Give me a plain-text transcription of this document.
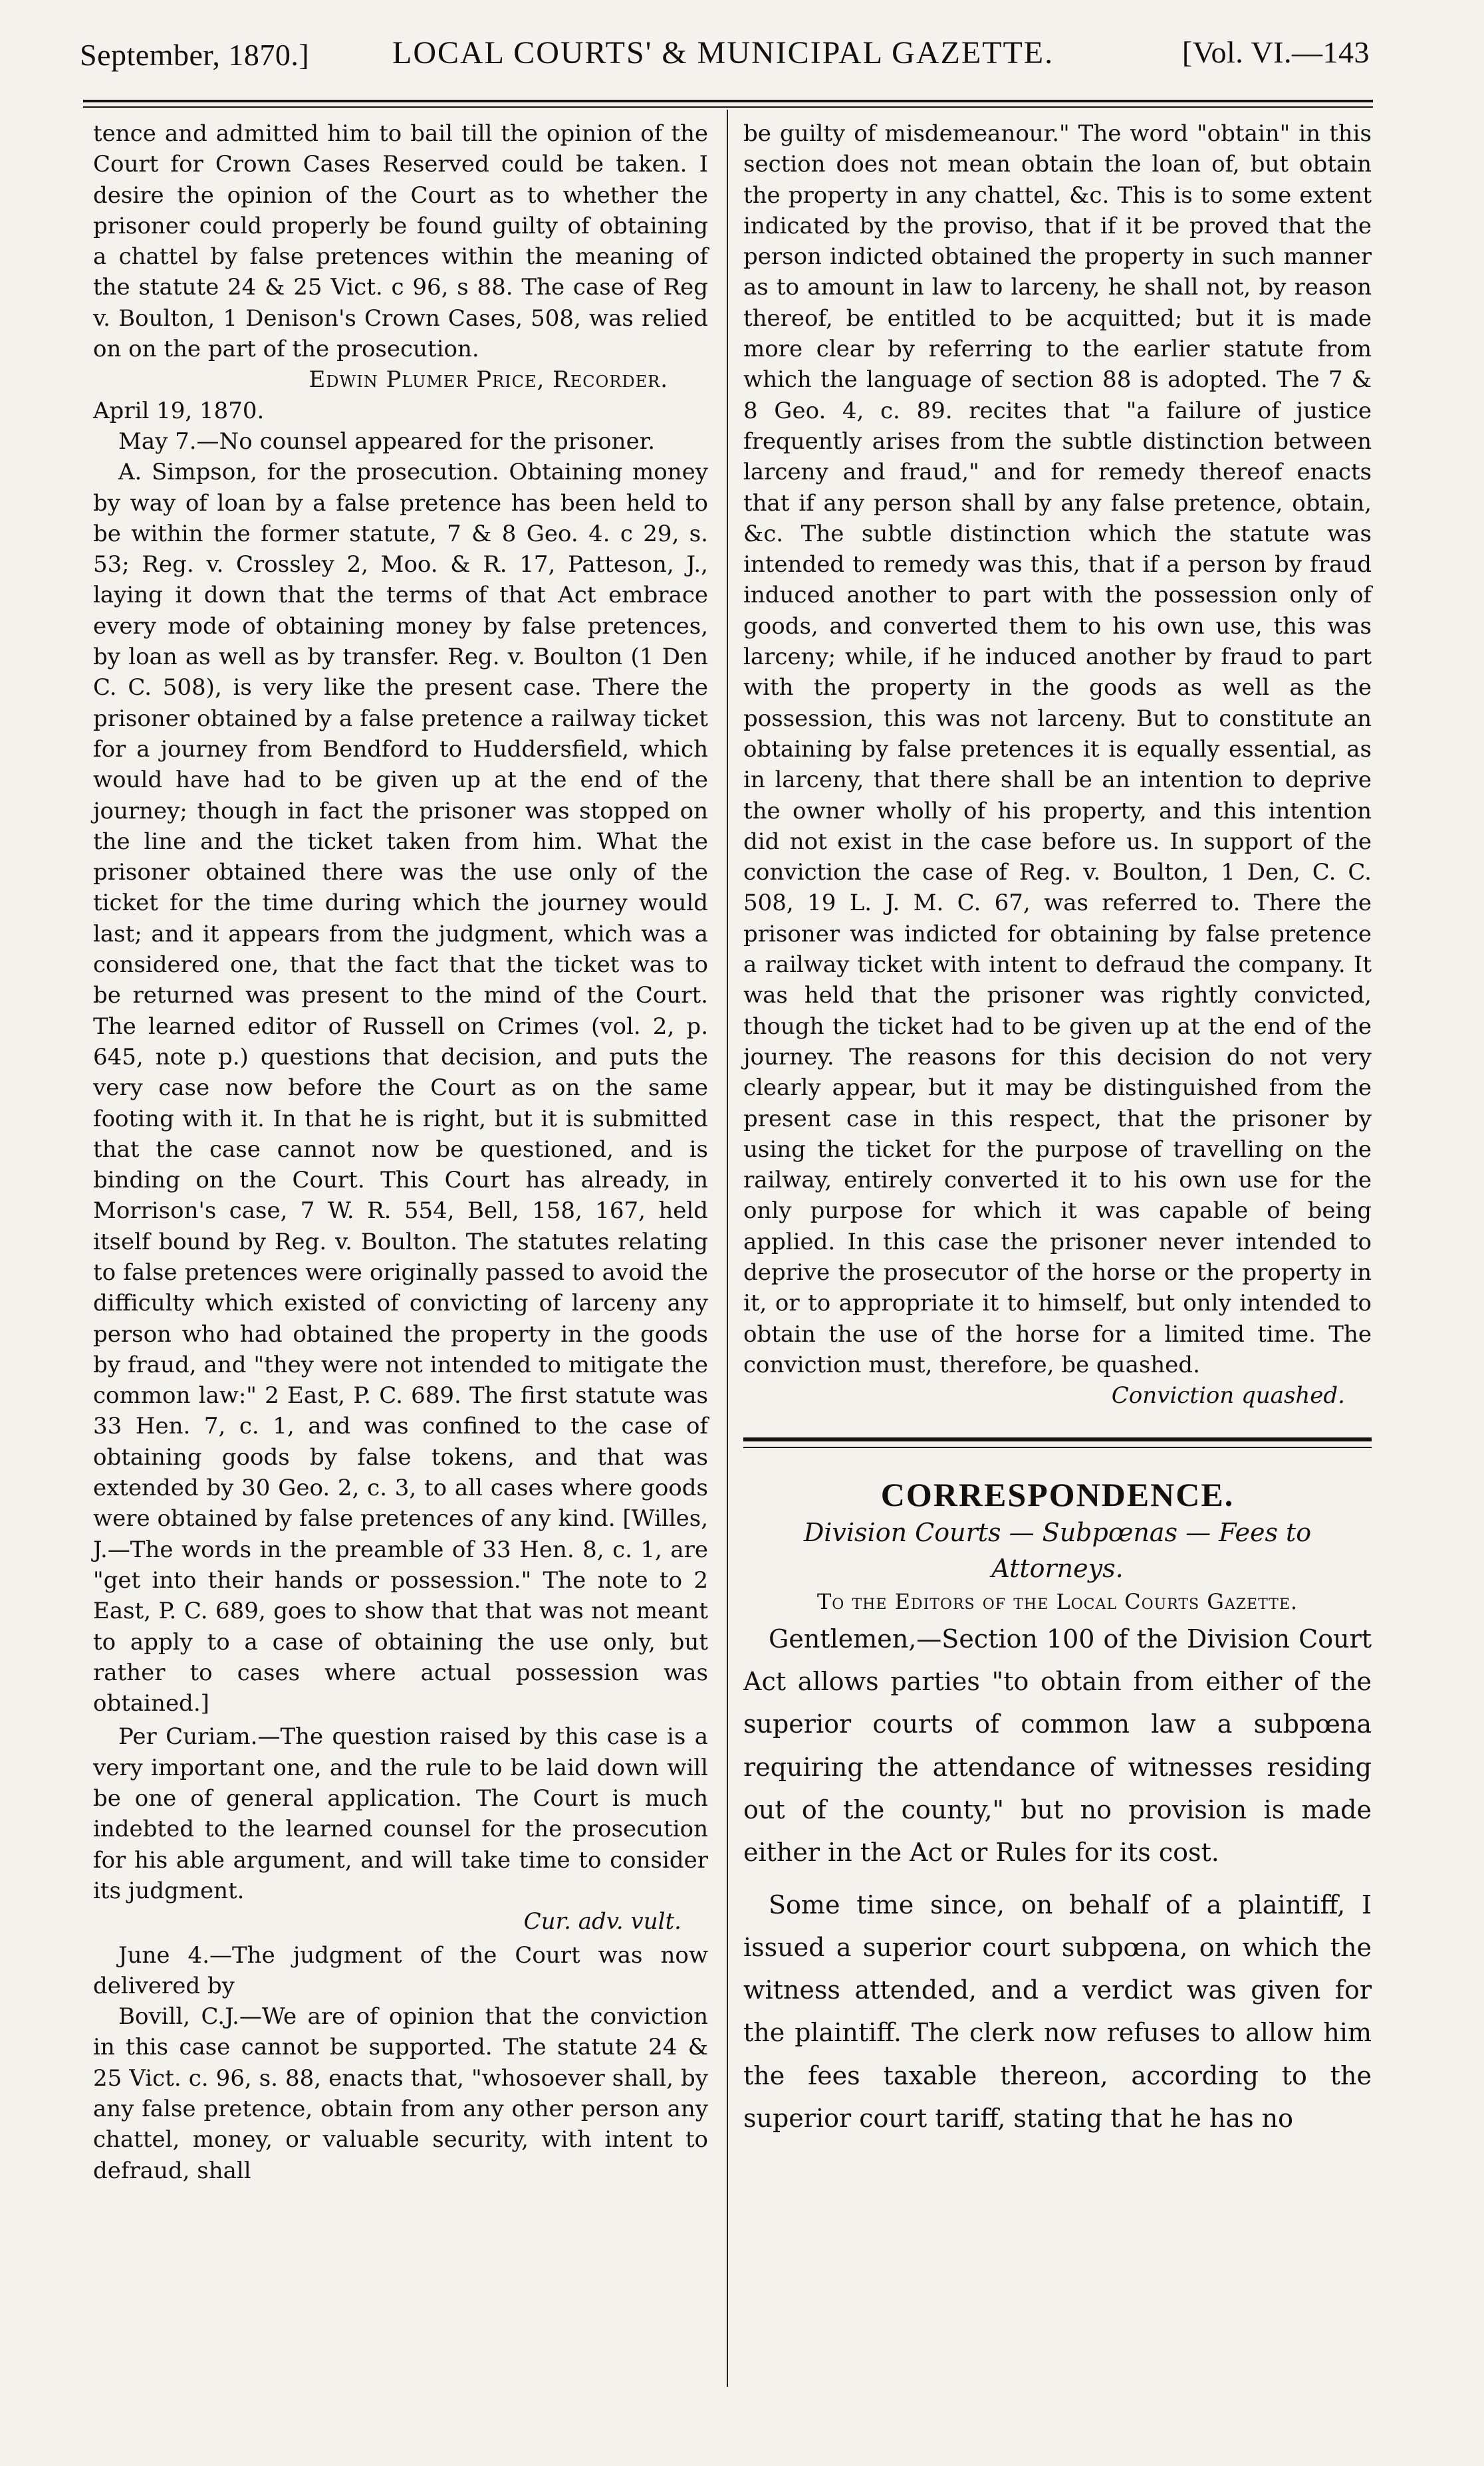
September, 1870.]	LOCAL COURTS' & MUNICIPAL GAZETTE.	[Vol. VI.—143

tence and admitted him to bail till the opinion of the Court for Crown Cases Reserved could be taken. I desire the opinion of the Court as to whether the prisoner could properly be found guilty of obtaining a chattel by false pretences within the meaning of the statute 24 & 25 Vict. c 96, s 88. The case of Reg v. Boulton, 1 Denison's Crown Cases, 508, was relied on on the part of the prosecution.

Edwin Plumer Price, Recorder.

April 19, 1870.

May 7.—No counsel appeared for the prisoner.

A. Simpson, for the prosecution. Obtaining money by way of loan by a false pretence has been held to be within the former statute, 7 & 8 Geo. 4. c 29, s. 53; Reg. v. Crossley 2, Moo. & R. 17, Patteson, J., laying it down that the terms of that Act embrace every mode of obtaining money by false pretences, by loan as well as by transfer. Reg. v. Boulton (1 Den C. C. 508), is very like the present case. There the prisoner obtained by a false pretence a railway ticket for a journey from Bendford to Huddersfield, which would have had to be given up at the end of the journey; though in fact the prisoner was stopped on the line and the ticket taken from him. What the prisoner obtained there was the use only of the ticket for the time during which the journey would last; and it appears from the judgment, which was a considered one, that the fact that the ticket was to be returned was present to the mind of the Court. The learned editor of Russell on Crimes (vol. 2, p. 645, note p.) questions that decision, and puts the very case now before the Court as on the same footing with it. In that he is right, but it is submitted that the case cannot now be questioned, and is binding on the Court. This Court has already, in Morrison's case, 7 W. R. 554, Bell, 158, 167, held itself bound by Reg. v. Boulton. The statutes relating to false pretences were originally passed to avoid the difficulty which existed of convicting of larceny any person who had obtained the property in the goods by fraud, and "they were not intended to mitigate the common law:" 2 East, P. C. 689. The first statute was 33 Hen. 7, c. 1, and was confined to the case of obtaining goods by false tokens, and that was extended by 30 Geo. 2, c. 3, to all cases where goods were obtained by false pretences of any kind. [Willes, J.—The words in the preamble of 33 Hen. 8, c. 1, are "get into their hands or possession." The note to 2 East, P. C. 689, goes to show that that was not meant to apply to a case of obtaining the use only, but rather to cases where actual possession was obtained.]

Per Curiam.—The question raised by this case is a very important one, and the rule to be laid down will be one of general application. The Court is much indebted to the learned counsel for the prosecution for his able argument, and will take time to consider its judgment.

Cur. adv. vult.

June 4.—The judgment of the Court was now delivered by

Bovill, C.J.—We are of opinion that the conviction in this case cannot be supported. The statute 24 & 25 Vict. c. 96, s. 88, enacts that, "whosoever shall, by any false pretence, obtain from any other person any chattel, money, or valuable security, with intent to defraud, shall

be guilty of misdemeanour." The word "obtain" in this section does not mean obtain the loan of, but obtain the property in any chattel, &c. This is to some extent indicated by the proviso, that if it be proved that the person indicted obtained the property in such manner as to amount in law to larceny, he shall not, by reason thereof, be entitled to be acquitted; but it is made more clear by referring to the earlier statute from which the language of section 88 is adopted. The 7 & 8 Geo. 4, c. 89. recites that "a failure of justice frequently arises from the subtle distinction between larceny and fraud," and for remedy thereof enacts that if any person shall by any false pretence, obtain, &c. The subtle distinction which the statute was intended to remedy was this, that if a person by fraud induced another to part with the possession only of goods, and converted them to his own use, this was larceny; while, if he induced another by fraud to part with the property in the goods as well as the possession, this was not larceny. But to constitute an obtaining by false pretences it is equally essential, as in larceny, that there shall be an intention to deprive the owner wholly of his property, and this intention did not exist in the case before us. In support of the conviction the case of Reg. v. Boulton, 1 Den, C. C. 508, 19 L. J. M. C. 67, was referred to. There the prisoner was indicted for obtaining by false pretence a railway ticket with intent to defraud the company. It was held that the prisoner was rightly convicted, though the ticket had to be given up at the end of the journey. The reasons for this decision do not very clearly appear, but it may be distinguished from the present case in this respect, that the prisoner by using the ticket for the purpose of travelling on the railway, entirely converted it to his own use for the only purpose for which it was capable of being applied. In this case the prisoner never intended to deprive the prosecutor of the horse or the property in it, or to appropriate it to himself, but only intended to obtain the use of the horse for a limited time. The conviction must, therefore, be quashed.

Conviction quashed.

CORRESPONDENCE.

Division Courts — Subpœnas — Fees to Attorneys.

To the Editors of the Local Courts Gazette.

Gentlemen,—Section 100 of the Division Court Act allows parties "to obtain from either of the superior courts of common law a subpœna requiring the attendance of witnesses residing out of the county," but no provision is made either in the Act or Rules for its cost.

Some time since, on behalf of a plaintiff, I issued a superior court subpœna, on which the witness attended, and a verdict was given for the plaintiff. The clerk now refuses to allow him the fees taxable thereon, according to the superior court tariff, stating that he has no
